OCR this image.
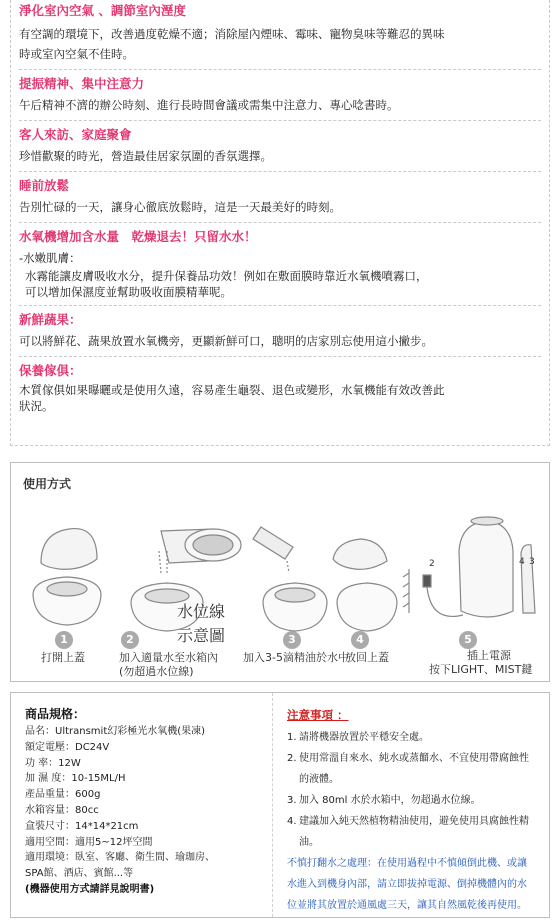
淨化室內空氣 、調節室內溼度
有空調的環境下，改善過度乾燥不適；消除屋內煙味、霉味、寵物臭味等難忍的異味
時或室內空氣不佳時。
提振精神、集中注意力
午后精神不濟的辦公時刻、進行長時間會議或需集中注意力、專心唸書時。
客人來訪、家庭聚會
珍惜歡聚的時光，營造最佳居家氛圍的香氛選擇。
睡前放鬆
告別忙碌的一天，讓身心徹底放鬆時，這是一天最美好的時刻。
水氧機增加含水量　乾燥退去！只留水水！
-水嫩肌膚：
水霧能讓皮膚吸收水分，提升保養品功效！例如在敷面膜時靠近水氧機噴霧口，
可以增加保濕度並幫助吸收面膜精華呢。
新鮮蔬果：
可以將鮮花、蔬果放置水氧機旁，更顯新鮮可口，聰明的店家別忘使用這小撇步。
保養傢俱：
木質傢俱如果曝曬或是使用久遠，容易產生龜裂、退色或變形，水氧機能有效改善此
狀況。
使用方式
水位線
示意圖
1
打開上蓋
2
加入適量水至水箱內
(勿超過水位線)
3
加入3-5滴精油於水中
4
放回上蓋
5
插上電源
按下LIGHT、MIST鍵
2	4 3
商品規格：
品名：Ultransmit幻彩極光水氧機(果凍)
額定電壓：DC24V
功 率：12W
加 濕 度：10-15ML/H
產品重量：600g
水箱容量：80cc
盒裝尺寸：14*14*21cm
適用空間：適用5~12坪空間
適用環境：臥室、客廳、衛生間、瑜珈房、
SPA館、酒店、賓館...等
(機器使用方式請詳見說明書)
注意事項 ：
1. 請將機器放置於平穩安全處。
2. 使用常溫自來水、純水或蒸餾水、不宜使用帶腐蝕性
的液體。
3. 加入 80ml 水於水箱中，勿超過水位線。
4. 建議加入純天然植物精油使用，避免使用具腐蝕性精
油。
不慎打翻水之處理：在使用過程中不慎傾倒此機、或讓
水進入到機身內部，請立即拔掉電源、倒掉機體內的水
位並將其放置於通風處三天，讓其自然風乾後再使用。
